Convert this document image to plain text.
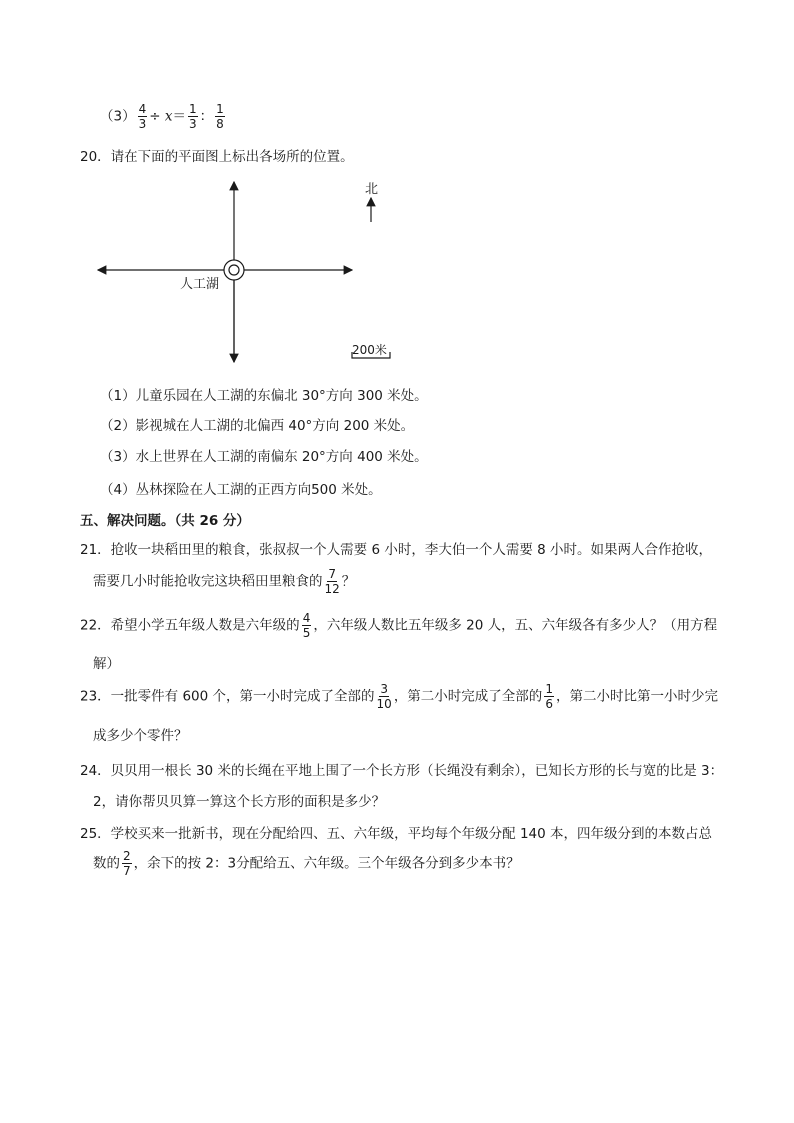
$(3) \frac{4}{3} \div x= \frac{1}{3}$ ： $\frac{1}{8}$
20．请在下面的平面图上标出各场所的位置。
人工湖
北
200米
（1）儿童乐园在人工湖的东偏北 30°方向 300 米处。
（2）影视城在人工湖的北偏西 40°方向 200 米处。
（3）水上世界在人工湖的南偏东 20°方向 400 米处。
（4）丛林探险在人工湖的正西方向500 米处。
五、解决问题。（共 26 分）
21．抢收一块稻田里的粮食，张叔叔一个人需要 6 小时，李大伯一个人需要 8 小时。如果两人合作抢收，
需要几小时能抢收完这块稻田里粮食的 $\frac{7}{12}$ ？
22．希望小学五年级人数是六年级的 $\frac{4}{5}$ ，六年级人数比五年级多 20 人，五、六年级各有多少人？（用方程
解）
23．一批零件有 600 个，第一小时完成了全部的 $\frac{3}{10}$ ，第二小时完成了全部的 $\frac{1}{6}$ ，第二小时比第一小时少完
成多少个零件？
24．贝贝用一根长 30 米的长绳在平地上围了一个长方形（长绳没有剩余），已知长方形的长与宽的比是 3：
2，请你帮贝贝算一算这个长方形的面积是多少？
25．学校买来一批新书，现在分配给四、五、六年级，平均每个年级分配 140 本，四年级分到的本数占总
数的 $\frac{2}{7}$ ，余下的按 2：3分配给五、六年级。三个年级各分到多少本书？
